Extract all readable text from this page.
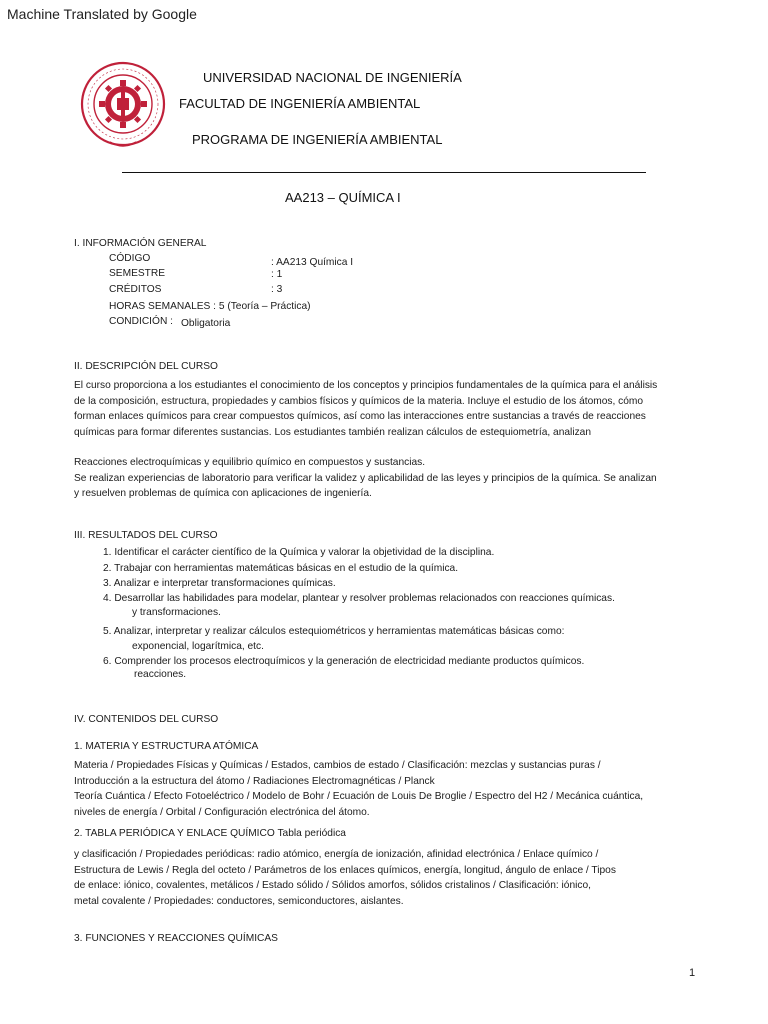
Machine Translated by Google
UNIVERSIDAD NACIONAL DE INGENIERÍA
FACULTAD DE INGENIERÍA AMBIENTAL
PROGRAMA DE INGENIERÍA AMBIENTAL
AA213 – QUÍMICA I
I. INFORMACIÓN GENERAL
CÓDIGO	: AA213 Química I
SEMESTRE	: 1
CRÉDITOS	: 3
HORAS SEMANALES : 5 (Teoría – Práctica)
CONDICIÓN : Obligatoria
II. DESCRIPCIÓN DEL CURSO

El curso proporciona a los estudiantes el conocimiento de los conceptos y principios fundamentales de la química para el análisis

de la composición, estructura, propiedades y cambios físicos y químicos de la materia. Incluye el estudio de los átomos, cómo

forman enlaces químicos para crear compuestos químicos, así como las interacciones entre sustancias a través de reacciones

químicas para formar diferentes sustancias. Los estudiantes también realizan cálculos de estequiometría, analizan

Reacciones electroquímicas y equilibrio químico en compuestos y sustancias.

Se realizan experiencias de laboratorio para verificar la validez y aplicabilidad de las leyes y principios de la química. Se analizan

y resuelven problemas de química con aplicaciones de ingeniería.

III. RESULTADOS DEL CURSO
1. Identificar el carácter científico de la Química y valorar la objetividad de la disciplina.
2. Trabajar con herramientas matemáticas básicas en el estudio de la química.
3. Analizar e interpretar transformaciones químicas.
4. Desarrollar las habilidades para modelar, plantear y resolver problemas relacionados con reacciones químicas.
y transformaciones.
5. Analizar, interpretar y realizar cálculos estequiométricos y herramientas matemáticas básicas como:
exponencial, logarítmica, etc.
6. Comprender los procesos electroquímicos y la generación de electricidad mediante productos químicos.
reacciones.
IV. CONTENIDOS DEL CURSO
1. MATERIA Y ESTRUCTURA ATÓMICA

Materia / Propiedades Físicas y Químicas / Estados, cambios de estado / Clasificación: mezclas y sustancias puras /

Introducción a la estructura del átomo / Radiaciones Electromagnéticas / Planck

Teoría Cuántica / Efecto Fotoeléctrico / Modelo de Bohr / Ecuación de Louis De Broglie / Espectro del H2 / Mecánica cuántica,

niveles de energía / Orbital / Configuración electrónica del átomo.

2. TABLA PERIÓDICA Y ENLACE QUÍMICO Tabla periódica

y clasificación / Propiedades periódicas: radio atómico, energía de ionización, afinidad electrónica / Enlace químico /

Estructura de Lewis / Regla del octeto / Parámetros de los enlaces químicos, energía, longitud, ángulo de enlace / Tipos

de enlace: iónico, covalentes, metálicos / Estado sólido / Sólidos amorfos, sólidos cristalinos / Clasificación: iónico,

metal covalente / Propiedades: conductores, semiconductores, aislantes.

3. FUNCIONES Y REACCIONES QUÍMICAS
1
